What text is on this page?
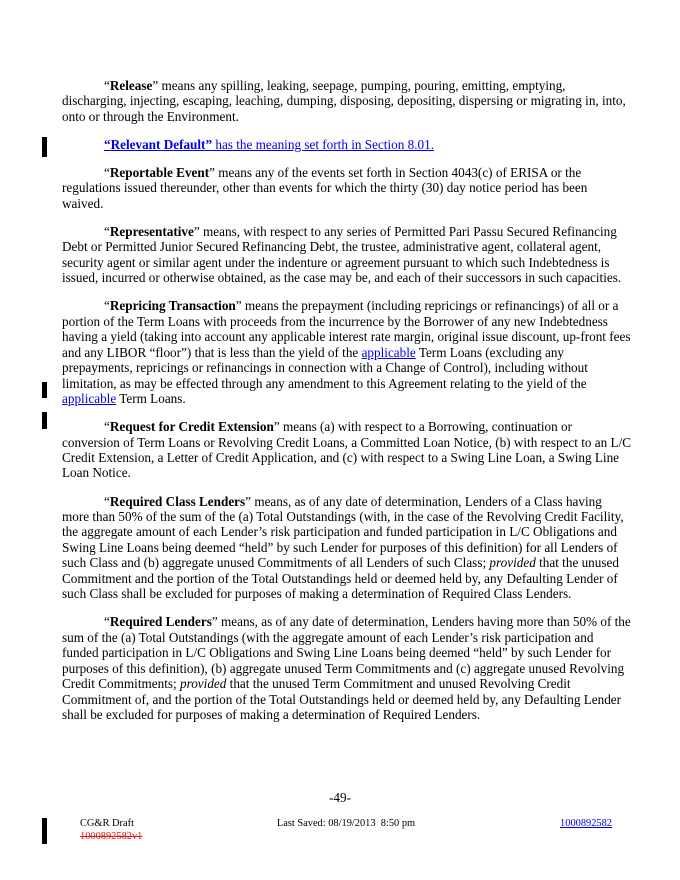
“Release” means any spilling, leaking, seepage, pumping, pouring, emitting, emptying, discharging, injecting, escaping, leaching, dumping, disposing, depositing, dispersing or migrating in, into, onto or through the Environment.

“Relevant Default” has the meaning set forth in Section 8.01.

“Reportable Event” means any of the events set forth in Section 4043(c) of ERISA or the regulations issued thereunder, other than events for which the thirty (30) day notice period has been waived.

“Representative” means, with respect to any series of Permitted Pari Passu Secured Refinancing Debt or Permitted Junior Secured Refinancing Debt, the trustee, administrative agent, collateral agent, security agent or similar agent under the indenture or agreement pursuant to which such Indebtedness is issued, incurred or otherwise obtained, as the case may be, and each of their successors in such capacities.

“Repricing Transaction” means the prepayment (including repricings or refinancings) of all or a portion of the Term Loans with proceeds from the incurrence by the Borrower of any new Indebtedness having a yield (taking into account any applicable interest rate margin, original issue discount, up-front fees and any LIBOR “floor”) that is less than the yield of the applicable Term Loans (excluding any prepayments, repricings or refinancings in connection with a Change of Control), including without limitation, as may be effected through any amendment to this Agreement relating to the yield of the applicable Term Loans.

“Request for Credit Extension” means (a) with respect to a Borrowing, continuation or conversion of Term Loans or Revolving Credit Loans, a Committed Loan Notice, (b) with respect to an L/C Credit Extension, a Letter of Credit Application, and (c) with respect to a Swing Line Loan, a Swing Line Loan Notice.

“Required Class Lenders” means, as of any date of determination, Lenders of a Class having more than 50% of the sum of the (a) Total Outstandings (with, in the case of the Revolving Credit Facility, the aggregate amount of each Lender’s risk participation and funded participation in L/C Obligations and Swing Line Loans being deemed “held” by such Lender for purposes of this definition) for all Lenders of such Class and (b) aggregate unused Commitments of all Lenders of such Class; provided that the unused Commitment and the portion of the Total Outstandings held or deemed held by, any Defaulting Lender of such Class shall be excluded for purposes of making a determination of Required Class Lenders.

“Required Lenders” means, as of any date of determination, Lenders having more than 50% of the sum of the (a) Total Outstandings (with the aggregate amount of each Lender’s risk participation and funded participation in L/C Obligations and Swing Line Loans being deemed “held” by such Lender for purposes of this definition), (b) aggregate unused Term Commitments and (c) aggregate unused Revolving Credit Commitments; provided that the unused Term Commitment and unused Revolving Credit Commitment of, and the portion of the Total Outstandings held or deemed held by, any Defaulting Lender shall be excluded for purposes of making a determination of Required Lenders.

-49-
CG&R Draft
1000892582v1
Last Saved: 08/19/2013  8:50 pm	1000892582
